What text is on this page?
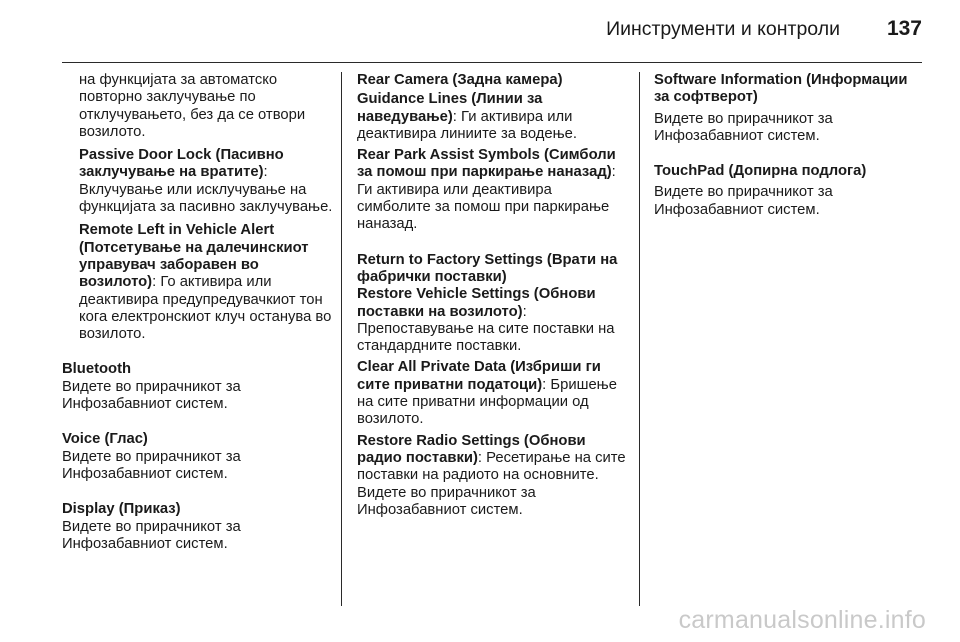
Иинструменти и контроли 137

на функцијата за автоматско повторно заклучување по отклучувањето, без да се отвори возилото.

Passive Door Lock (Пасивно заклучување на вратите): Вклучување или исклучување на функцијата за пасивно заклучување.

Remote Left in Vehicle Alert (Потсетување на далечинскиот управувач заборавен во возилото): Го активира или деактивира предупредувачкиот тон кога електронскиот клуч останува во возилото.

Bluetooth
Видете во прирачникот за Инфозабавниот систем.
Voice (Глас)
Видете во прирачникот за Инфозабавниот систем.
Display (Приказ)
Видете во прирачникот за Инфозабавниот систем.

Rear Camera (Задна камера)

Guidance Lines (Линии за наведување): Ги активира или деактивира линиите за водење.

Rear Park Assist Symbols (Симболи за помош при паркирање наназад): Ги активира или деактивира симболите за помош при паркирање наназад.

Return to Factory Settings (Врати на фабрички поставки)

Restore Vehicle Settings (Обнови поставки на возилото): Препоставување на сите поставки на стандардните поставки.

Clear All Private Data (Избриши ги сите приватни податоци): Бришење на сите приватни информации од возилото.

Restore Radio Settings (Обнови радио поставки): Ресетирање на сите поставки на радиото на основните. Видете во прирачникот за Инфозабавниот систем.

Software Information (Информации за софтверот)
Видете во прирачникот за Инфозабавниот систем.
TouchPad (Допирна подлога)
Видете во прирачникот за Инфозабавниот систем.
carmanualsonline.info
